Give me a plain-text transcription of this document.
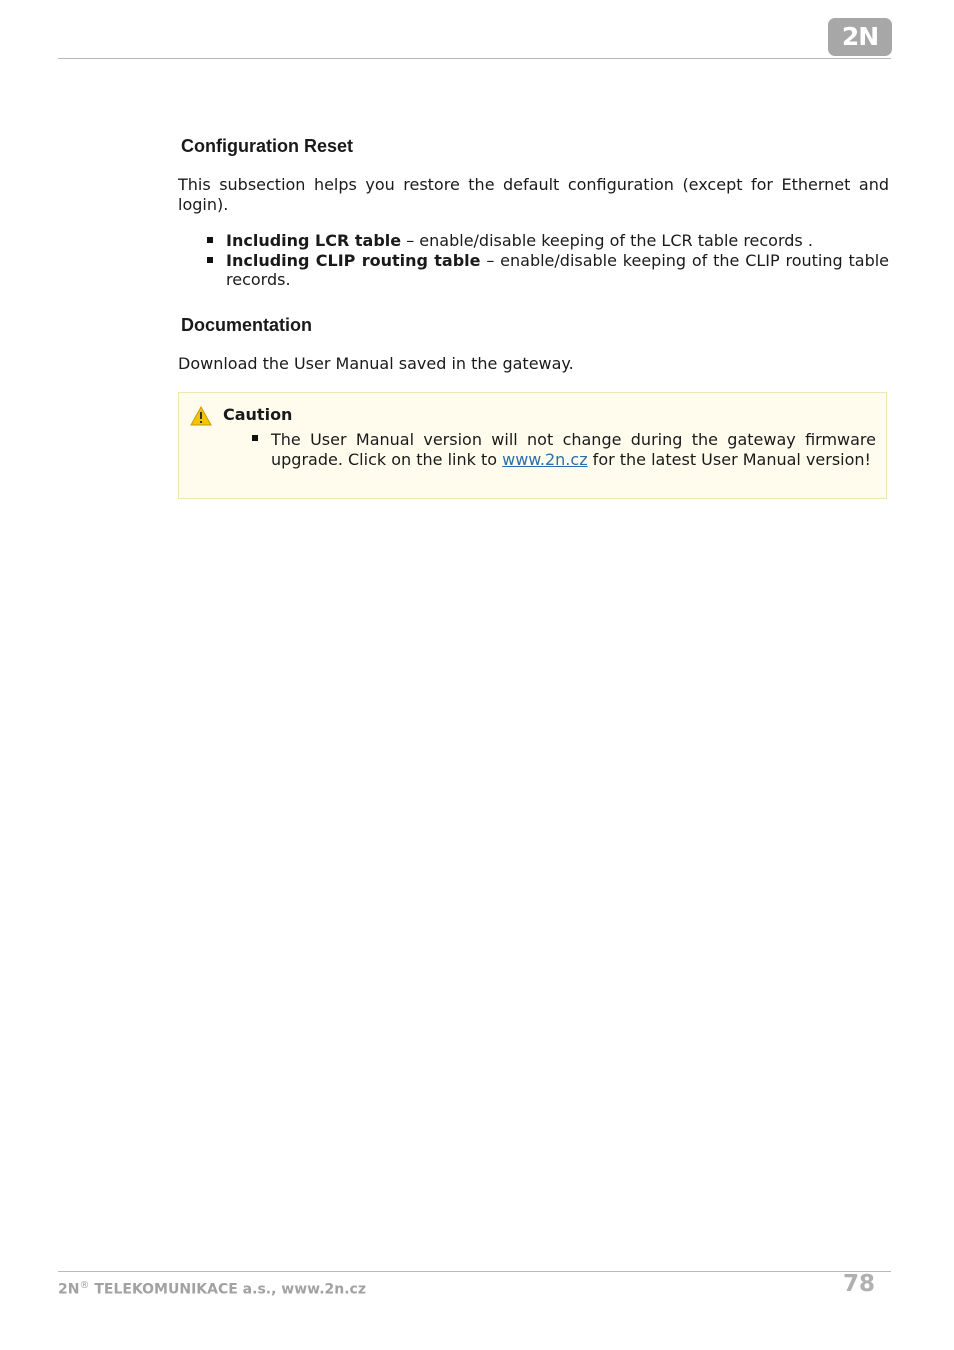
2N
Configuration Reset

This subsection helps you restore the default configuration (except for Ethernet and login).

Including LCR table – enable/disable keeping of the LCR table records .
Including CLIP routing table – enable/disable keeping of the CLIP routing table records.
Documentation

Download the User Manual saved in the gateway.

Caution
The User Manual version will not change during the gateway firmware upgrade. Click on the link to www.2n.cz for the latest User Manual version!
2N® TELEKOMUNIKACE a.s., www.2n.cz	78
